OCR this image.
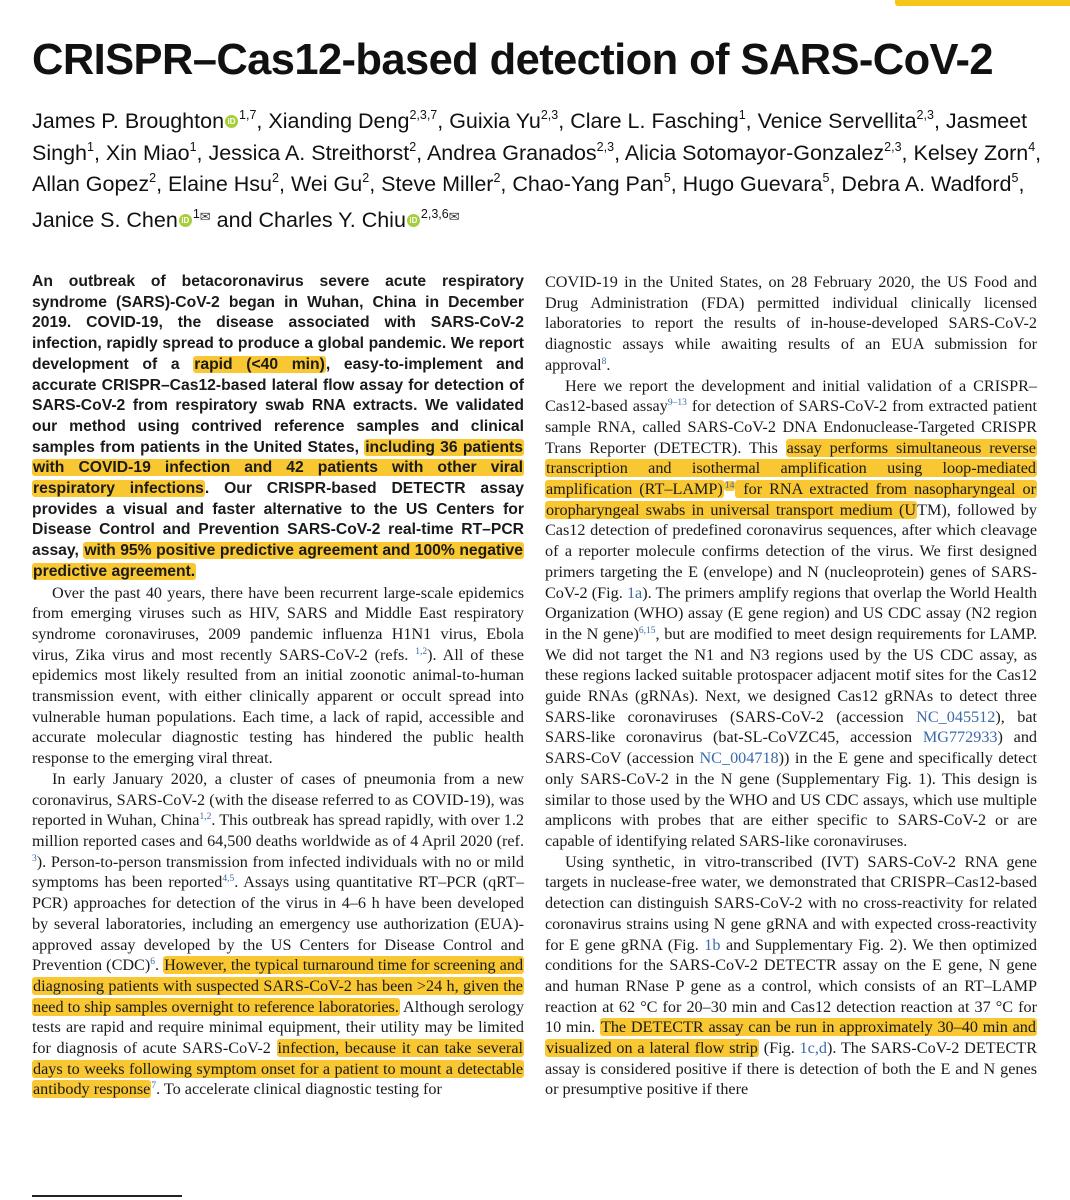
CRISPR–Cas12-based detection of SARS-CoV-2

James P. Broughton iD $^{1,7}$, Xianding Deng$^{2,3,7}$, Guixia Yu$^{2,3}$, Clare L. Fasching$^1$, Venice Servellita$^{2,3}$, Jasmeet Singh$^1$, Xin Miao$^1$, Jessica A. Streithorst$^2$, Andrea Granados$^{2,3}$, Alicia Sotomayor-Gonzalez$^{2,3}$, Kelsey Zorn$^4$, Allan Gopez$^2$, Elaine Hsu$^2$, Wei Gu$^2$, Steve Miller$^2$, Chao-Yang Pan$^5$, Hugo Guevara$^5$, Debra A. Wadford$^5$, Janice S. Chen iD $^{1✉}$ and Charles Y. Chiu iD $^{2,3,6✉}$

An outbreak of betacoronavirus severe acute respiratory syndrome (SARS)-CoV-2 began in Wuhan, China in December 2019. COVID-19, the disease associated with SARS-CoV-2 infection, rapidly spread to produce a global pandemic. We report development of a rapid (<40 min), easy-to-implement and accurate CRISPR–Cas12-based lateral flow assay for detection of SARS-CoV-2 from respiratory swab RNA extracts. We validated our method using contrived reference samples and clinical samples from patients in the United States, including 36 patients with COVID-19 infection and 42 patients with other viral respiratory infections. Our CRISPR-based DETECTR assay provides a visual and faster alternative to the US Centers for Disease Control and Prevention SARS-CoV-2 real-time RT–PCR assay, with 95% positive predictive agreement and 100% negative predictive agreement.

Over the past 40 years, there have been recurrent large-scale epidemics from emerging viruses such as HIV, SARS and Middle East respiratory syndrome coronaviruses, 2009 pandemic influenza H1N1 virus, Ebola virus, Zika virus and most recently SARS-CoV-2 (refs. $^{1,2}$). All of these epidemics most likely resulted from an initial zoonotic animal-to-human transmission event, with either clinically apparent or occult spread into vulnerable human populations. Each time, a lack of rapid, accessible and accurate molecular diagnostic testing has hindered the public health response to the emerging viral threat.

In early January 2020, a cluster of cases of pneumonia from a new coronavirus, SARS-CoV-2 (with the disease referred to as COVID-19), was reported in Wuhan, China$^{1,2}$. This outbreak has spread rapidly, with over 1.2 million reported cases and 64,500 deaths worldwide as of 4 April 2020 (ref. $^3$). Person-to-person transmission from infected individuals with no or mild symptoms has been reported$^{4,5}$. Assays using quantitative RT–PCR (qRT–PCR) approaches for detection of the virus in 4–6 h have been developed by several laboratories, including an emergency use authorization (EUA)-approved assay developed by the US Centers for Disease Control and Prevention (CDC)$^6$. However, the typical turnaround time for screening and diagnosing patients with suspected SARS-CoV-2 has been >24 h, given the need to ship samples overnight to reference laboratories. Although serology tests are rapid and require minimal equipment, their utility may be limited for diagnosis of acute SARS-CoV-2 infection, because it can take several days to weeks following symptom onset for a patient to mount a detectable antibody response$^7$. To accelerate clinical diagnostic testing for

COVID-19 in the United States, on 28 February 2020, the US Food and Drug Administration (FDA) permitted individual clinically licensed laboratories to report the results of in-house-developed SARS-CoV-2 diagnostic assays while awaiting results of an EUA submission for approval$^8$.

Here we report the development and initial validation of a CRISPR–Cas12-based assay$^{9-13}$ for detection of SARS-CoV-2 from extracted patient sample RNA, called SARS-CoV-2 DNA Endonuclease-Targeted CRISPR Trans Reporter (DETECTR). This assay performs simultaneous reverse transcription and isothermal amplification using loop-mediated amplification (RT–LAMP) $^{14}$ for RNA extracted from nasopharyngeal or oropharyngeal swabs in universal transport medium (UTM), followed by Cas12 detection of predefined coronavirus sequences, after which cleavage of a reporter molecule confirms detection of the virus. We first designed primers targeting the E (envelope) and N (nucleoprotein) genes of SARS-CoV-2 (Fig. 1a). The primers amplify regions that overlap the World Health Organization (WHO) assay (E gene region) and US CDC assay (N2 region in the N gene)$^{6,15}$, but are modified to meet design requirements for LAMP. We did not target the N1 and N3 regions used by the US CDC assay, as these regions lacked suitable protospacer adjacent motif sites for the Cas12 guide RNAs (gRNAs). Next, we designed Cas12 gRNAs to detect three SARS-like coronaviruses (SARS-CoV-2 (accession NC_045512), bat SARS-like coronavirus (bat-SL-CoVZC45, accession MG772933) and SARS-CoV (accession NC_004718)) in the E gene and specifically detect only SARS-CoV-2 in the N gene (Supplementary Fig. 1). This design is similar to those used by the WHO and US CDC assays, which use multiple amplicons with probes that are either specific to SARS-CoV-2 or are capable of identifying related SARS-like coronaviruses.

Using synthetic, in vitro-transcribed (IVT) SARS-CoV-2 RNA gene targets in nuclease-free water, we demonstrated that CRISPR–Cas12-based detection can distinguish SARS-CoV-2 with no cross-reactivity for related coronavirus strains using N gene gRNA and with expected cross-reactivity for E gene gRNA (Fig. 1b and Supplementary Fig. 2). We then optimized conditions for the SARS-CoV-2 DETECTR assay on the E gene, N gene and human RNase P gene as a control, which consists of an RT–LAMP reaction at 62 °C for 20–30 min and Cas12 detection reaction at 37 °C for 10 min. The DETECTR assay can be run in approximately 30–40 min and visualized on a lateral flow strip (Fig. 1c,d). The SARS-CoV-2 DETECTR assay is considered positive if there is detection of both the E and N genes or presumptive positive if there
